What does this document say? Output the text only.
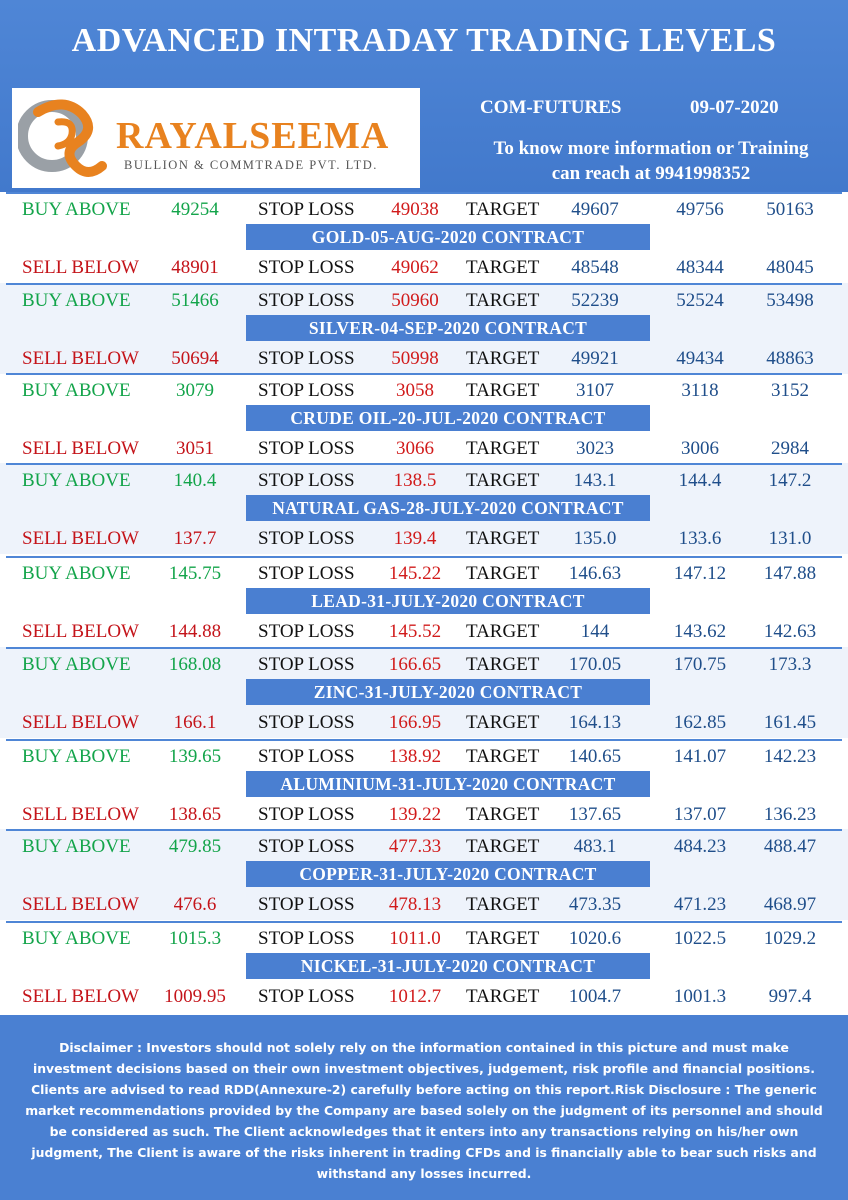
ADVANCED INTRADAY TRADING LEVELS
RAYALSEEMA
BULLION & COMMTRADE PVT. LTD.
COM-FUTURES	09-07-2020
To know more information or Training
can reach at 9941998352
BUY ABOVE	49254	STOP LOSS	49038	TARGET	49607	49756	50163
GOLD-05-AUG-2020 CONTRACT
SELL BELOW	48901	STOP LOSS	49062	TARGET	48548	48344	48045
BUY ABOVE	51466	STOP LOSS	50960	TARGET	52239	52524	53498
SILVER-04-SEP-2020 CONTRACT
SELL BELOW	50694	STOP LOSS	50998	TARGET	49921	49434	48863
BUY ABOVE	3079	STOP LOSS	3058	TARGET	3107	3118	3152
CRUDE OIL-20-JUL-2020 CONTRACT
SELL BELOW	3051	STOP LOSS	3066	TARGET	3023	3006	2984
BUY ABOVE	140.4	STOP LOSS	138.5	TARGET	143.1	144.4	147.2
NATURAL GAS-28-JULY-2020 CONTRACT
SELL BELOW	137.7	STOP LOSS	139.4	TARGET	135.0	133.6	131.0
BUY ABOVE	145.75	STOP LOSS	145.22	TARGET	146.63	147.12	147.88
LEAD-31-JULY-2020 CONTRACT
SELL BELOW	144.88	STOP LOSS	145.52	TARGET	144	143.62	142.63
BUY ABOVE	168.08	STOP LOSS	166.65	TARGET	170.05	170.75	173.3
ZINC-31-JULY-2020 CONTRACT
SELL BELOW	166.1	STOP LOSS	166.95	TARGET	164.13	162.85	161.45
BUY ABOVE	139.65	STOP LOSS	138.92	TARGET	140.65	141.07	142.23
ALUMINIUM-31-JULY-2020 CONTRACT
SELL BELOW	138.65	STOP LOSS	139.22	TARGET	137.65	137.07	136.23
BUY ABOVE	479.85	STOP LOSS	477.33	TARGET	483.1	484.23	488.47
COPPER-31-JULY-2020 CONTRACT
SELL BELOW	476.6	STOP LOSS	478.13	TARGET	473.35	471.23	468.97
BUY ABOVE	1015.3	STOP LOSS	1011.0	TARGET	1020.6	1022.5	1029.2
NICKEL-31-JULY-2020 CONTRACT
SELL BELOW	1009.95	STOP LOSS	1012.7	TARGET	1004.7	1001.3	997.4
Disclaimer : Investors should not solely rely on the information contained in this picture and must make investment decisions based on their own investment objectives, judgement, risk profile and financial positions. Clients are advised to read RDD(Annexure-2) carefully before acting on this report.Risk Disclosure : The generic market recommendations provided by the Company are based solely on the judgment of its personnel and should be considered as such. The Client acknowledges that it enters into any transactions relying on his/her own judgment, The Client is aware of the risks inherent in trading CFDs and is financially able to bear such risks and withstand any losses incurred.
